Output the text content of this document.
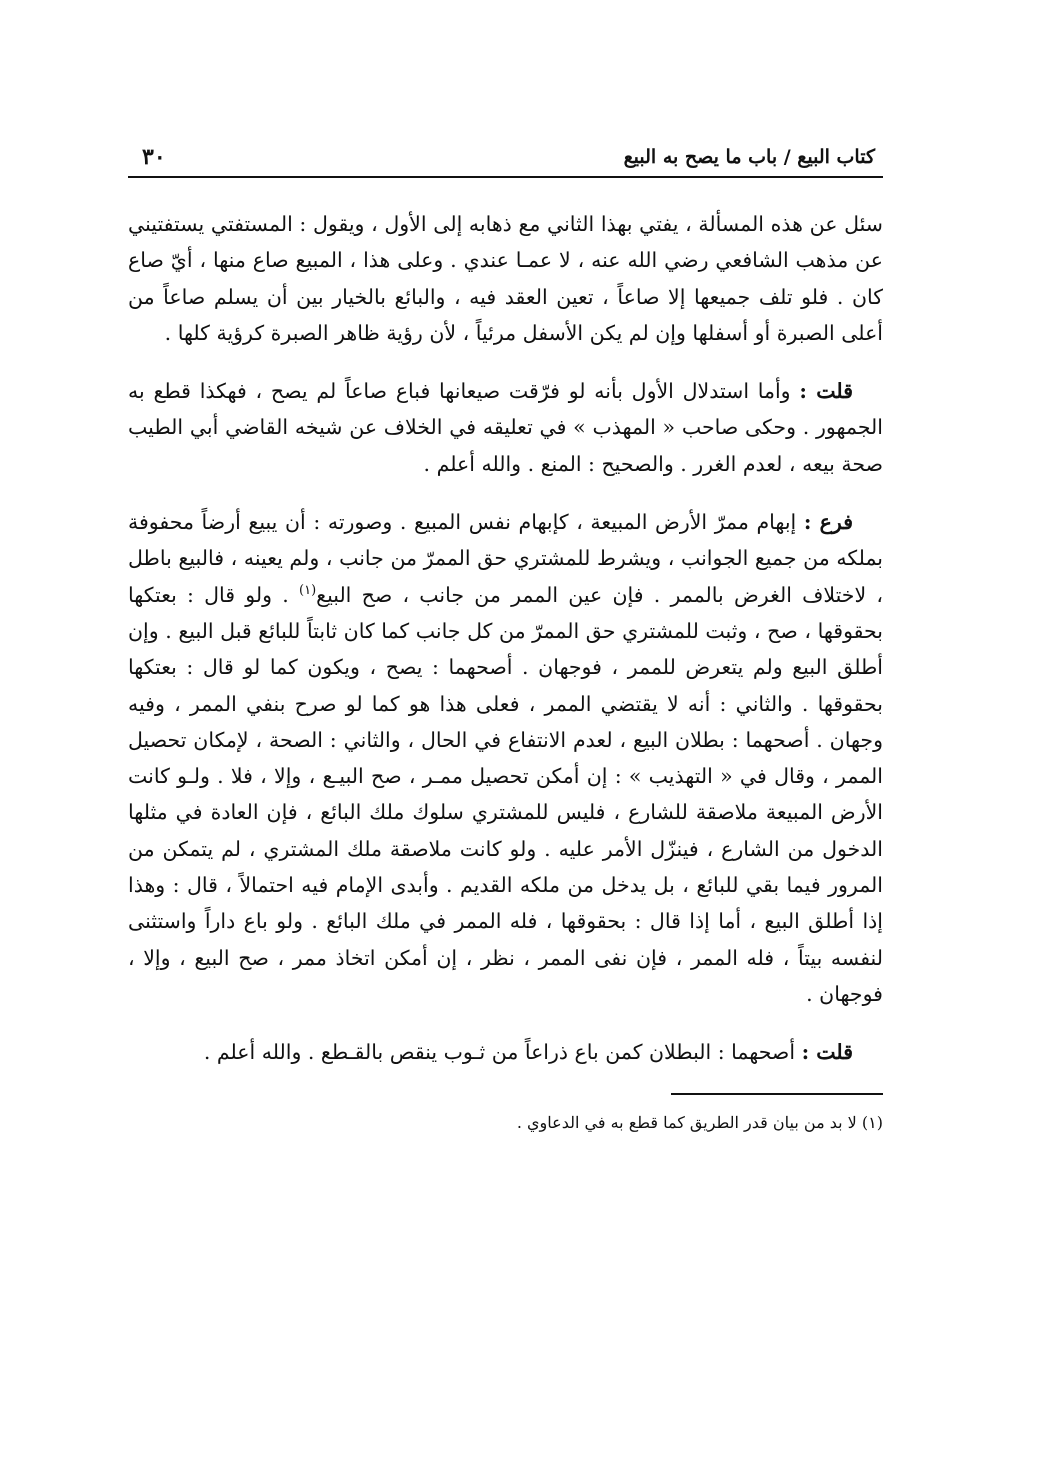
كتاب البيع / باب ما يصح به البيع
٣٠

سئل عن هذه المسألة ، يفتي بهذا الثاني مع ذهابه إلى الأول ، ويقول : المستفتي يستفتيني عن مذهب الشافعي رضي الله عنه ، لا عمـا عندي . وعلى هذا ، المبيع صاع منها ، أيّ صاع كان . فلو تلف جميعها إلا صاعاً ، تعين العقد فيه ، والبائع بالخيار بين أن يسلم صاعاً من أعلى الصبرة أو أسفلها وإن لم يكن الأسفل مرئياً ، لأن رؤية ظاهر الصبرة كرؤية كلها .

قلت : وأما استدلال الأول بأنه لو فرّقت صيعانها فباع صاعاً لم يصح ، فهكذا قطع به الجمهور . وحكى صاحب « المهذب » في تعليقه في الخلاف عن شيخه القاضي أبي الطيب صحة بيعه ، لعدم الغرر . والصحيح : المنع . والله أعلم .

فرع : إبهام ممرّ الأرض المبيعة ، كإبهام نفس المبيع . وصورته : أن يبيع أرضاً محفوفة بملكه من جميع الجوانب ، ويشرط للمشتري حق الممرّ من جانب ، ولم يعينه ، فالبيع باطل ، لاختلاف الغرض بالممر . فإن عين الممر من جانب ، صح البيع$^{(١)}$ . ولو قال : بعتكها بحقوقها ، صح ، وثبت للمشتري حق الممرّ من كل جانب كما كان ثابتاً للبائع قبل البيع . وإن أطلق البيع ولم يتعرض للممر ، فوجهان . أصحهما : يصح ، ويكون كما لو قال : بعتكها بحقوقها . والثاني : أنه لا يقتضي الممر ، فعلى هذا هو كما لو صرح بنفي الممر ، وفيه وجهان . أصحهما : بطلان البيع ، لعدم الانتفاع في الحال ، والثاني : الصحة ، لإمكان تحصيل الممر ، وقال في « التهذيب » : إن أمكن تحصيل ممـر ، صح البيـع ، وإلا ، فلا . ولـو كانت الأرض المبيعة ملاصقة للشارع ، فليس للمشتري سلوك ملك البائع ، فإن العادة في مثلها الدخول من الشارع ، فينزّل الأمر عليه . ولو كانت ملاصقة ملك المشتري ، لم يتمكن من المرور فيما بقي للبائع ، بل يدخل من ملكه القديم . وأبدى الإمام فيه احتمالاً ، قال : وهذا إذا أطلق البيع ، أما إذا قال : بحقوقها ، فله الممر في ملك البائع . ولو باع داراً واستثنى لنفسه بيتاً ، فله الممر ، فإن نفى الممر ، نظر ، إن أمكن اتخاذ ممر ، صح البيع ، وإلا ، فوجهان .

قلت : أصحهما : البطلان كمن باع ذراعاً من ثـوب ينقص بالقـطع . والله أعلم .

(١) لا بد من بيان قدر الطريق كما قطع به في الدعاوي .
